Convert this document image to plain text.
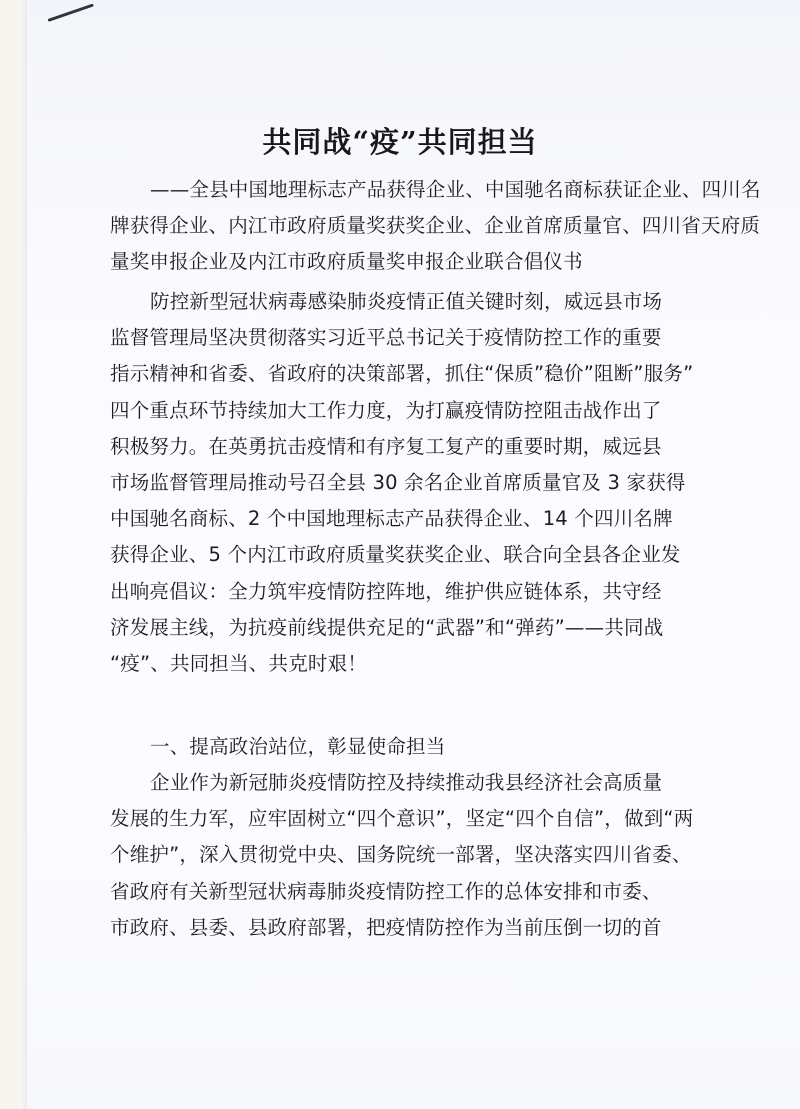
共同战“疫”共同担当
——全县中国地理标志产品获得企业、中国驰名商标获证企业、四川名
牌获得企业、内江市政府质量奖获奖企业、企业首席质量官、四川省天府质
量奖申报企业及内江市政府质量奖申报企业联合倡仪书
防控新型冠状病毒感染肺炎疫情正值关键时刻，威远县市场
监督管理局坚决贯彻落实习近平总书记关于疫情防控工作的重要
指示精神和省委、省政府的决策部署，抓住“保质”稳价”阻断”服务”
四个重点环节持续加大工作力度，为打赢疫情防控阻击战作出了
积极努力。在英勇抗击疫情和有序复工复产的重要时期，威远县
市场监督管理局推动号召全县 30 余名企业首席质量官及 3 家获得
中国驰名商标、2 个中国地理标志产品获得企业、14 个四川名牌
获得企业、5 个内江市政府质量奖获奖企业、联合向全县各企业发
出响亮倡议：全力筑牢疫情防控阵地，维护供应链体系，共守经
济发展主线，为抗疫前线提供充足的“武器”和“弹药”——共同战
“疫”、共同担当、共克时艰！
一、提高政治站位，彰显使命担当
企业作为新冠肺炎疫情防控及持续推动我县经济社会高质量
发展的生力军，应牢固树立“四个意识”，坚定“四个自信”，做到“两
个维护”，深入贯彻党中央、国务院统一部署，坚决落实四川省委、
省政府有关新型冠状病毒肺炎疫情防控工作的总体安排和市委、
市政府、县委、县政府部署，把疫情防控作为当前压倒一切的首
